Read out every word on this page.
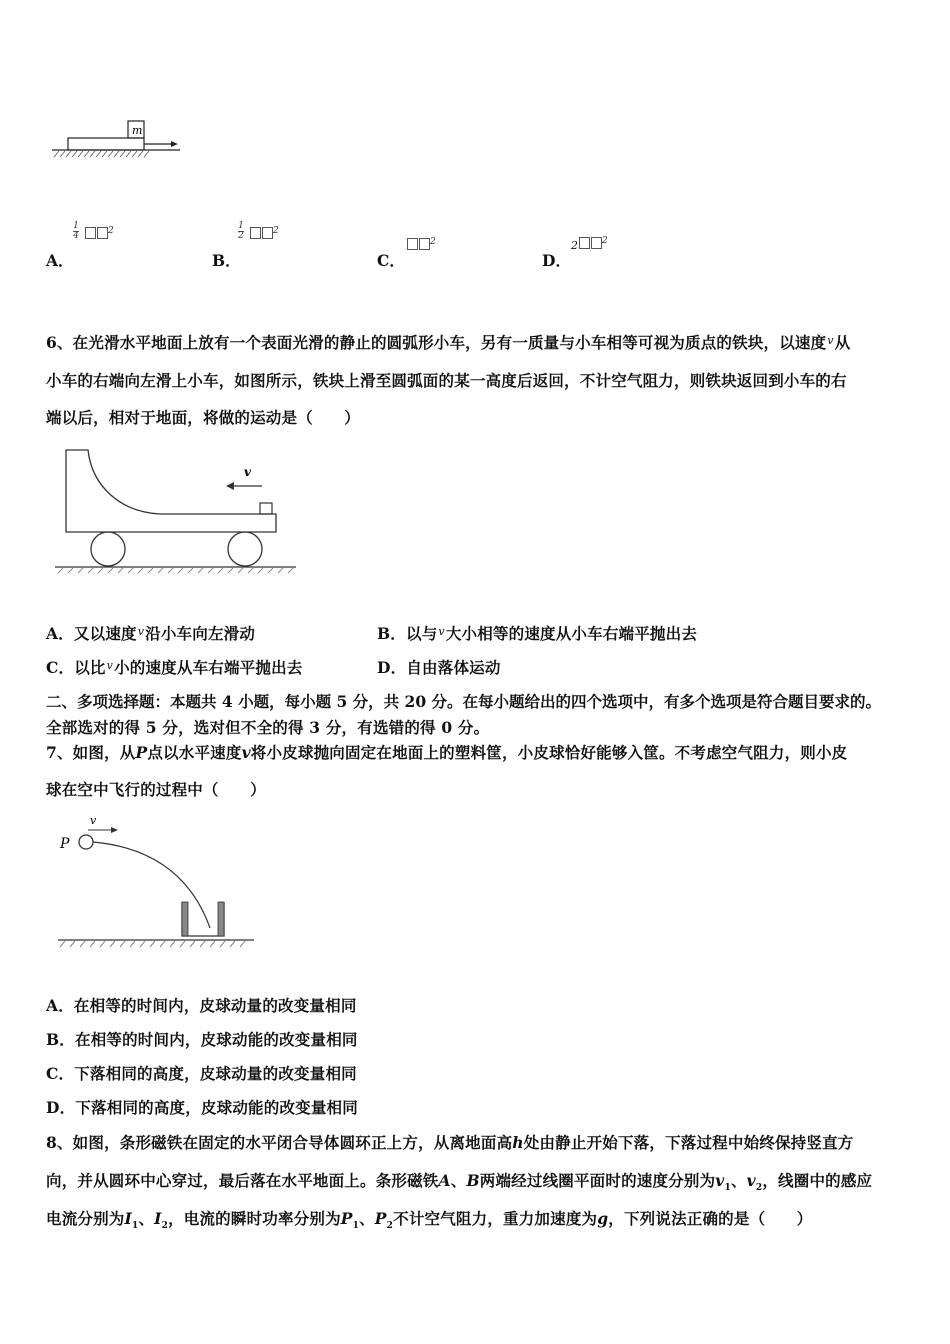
m
A．
1
4	$^2$
B．
1
2	$^2$
C．
$^2$
D．
2	$^2$
6、在光滑水平地面上放有一个表面光滑的静止的圆弧形小车，另有一质量与小车相等可视为质点的铁块，以速度$^v$从
小车的右端向左滑上小车，如图所示，铁块上滑至圆弧面的某一高度后返回，不计空气阻力，则铁块返回到小车的右
端以后，相对于地面，将做的运动是（　　）
v
A．又以速度$^v$沿小车向左滑动	B．以与$^v$大小相等的速度从小车右端平抛出去
C．以比$^v$小的速度从车右端平抛出去	D．自由落体运动
二、多项选择题：本题共 4 小题，每小题 5 分，共 20 分。在每小题给出的四个选项中，有多个选项是符合题目要求的。
全部选对的得 5 分，选对但不全的得 3 分，有选错的得 0 分。
7、如图，从P点以水平速度v将小皮球抛向固定在地面上的塑料筐，小皮球恰好能够入筐。不考虑空气阻力，则小皮
球在空中飞行的过程中（　　）
P
v
A．在相等的时间内，皮球动量的改变量相同
B．在相等的时间内，皮球动能的改变量相同
C．下落相同的高度，皮球动量的改变量相同
D．下落相同的高度，皮球动能的改变量相同
8、如图，条形磁铁在固定的水平闭合导体圆环正上方，从离地面高h处由静止开始下落，下落过程中始终保持竖直方
向，并从圆环中心穿过，最后落在水平地面上。条形磁铁A、B两端经过线圈平面时的速度分别为$v_1$、$v_2$，线圈中的感应
电流分别为$I_1$、$I_2$，电流的瞬时功率分别为$P_1$、$P_2$不计空气阻力，重力加速度为g，下列说法正确的是（　　）
